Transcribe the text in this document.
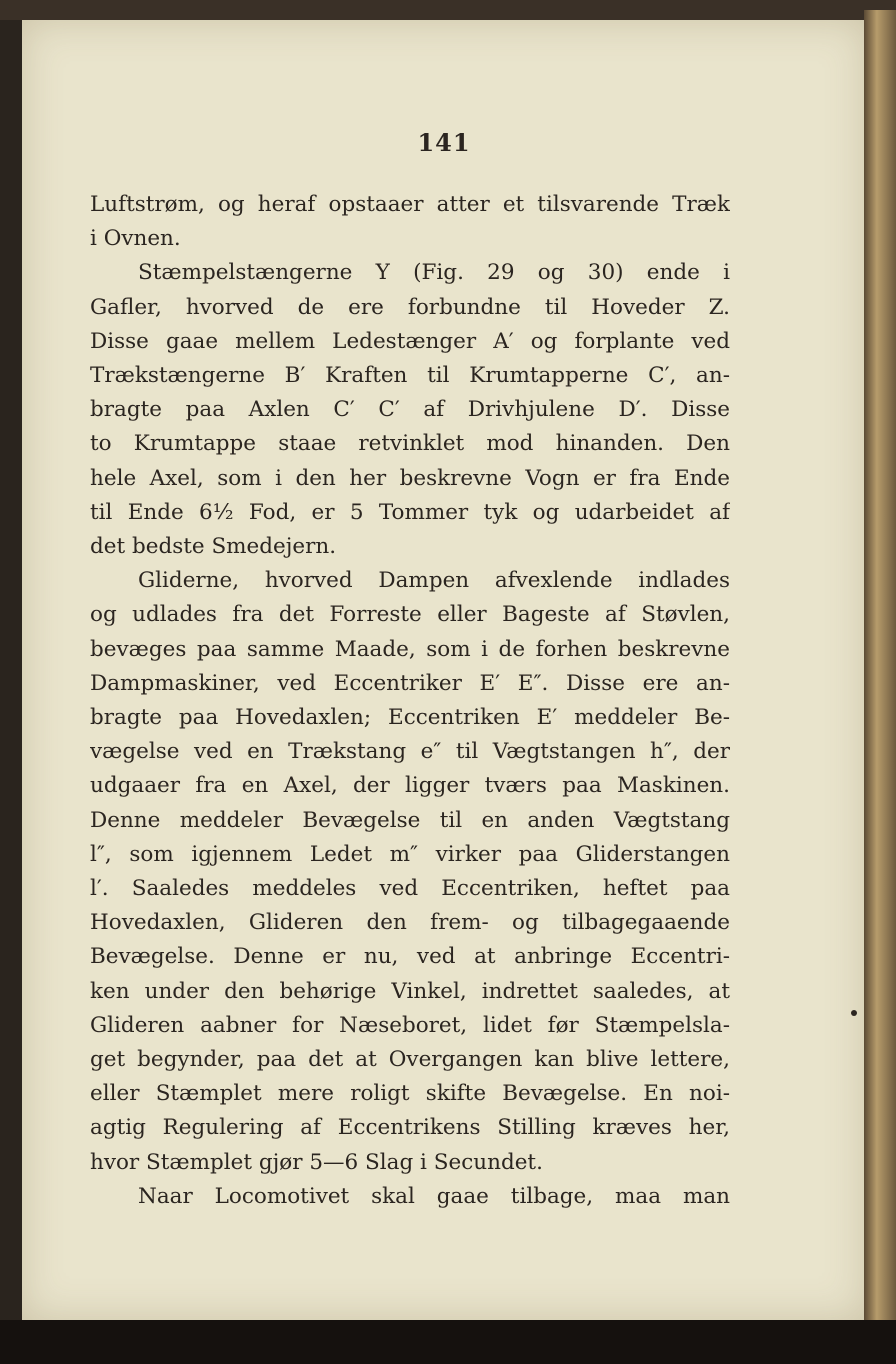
141
Luftstrøm, og heraf opstaaer atter et tilsvarende Træk
i Ovnen.
Stæmpelstængerne Y (Fig. 29 og 30) ende i
Gafler, hvorved de ere forbundne til Hoveder Z.
Disse gaae mellem Ledestænger A′ og forplante ved
Trækstængerne B′ Kraften til Krumtapperne C′, an-
bragte paa Axlen C′ C′ af Drivhjulene D′. Disse
to Krumtappe staae retvinklet mod hinanden. Den
hele Axel, som i den her beskrevne Vogn er fra Ende
til Ende 6½ Fod, er 5 Tommer tyk og udarbeidet af
det bedste Smedejern.
Gliderne, hvorved Dampen afvexlende indlades
og udlades fra det Forreste eller Bageste af Støvlen,
bevæges paa samme Maade, som i de forhen beskrevne
Dampmaskiner, ved Eccentriker E′ E″. Disse ere an-
bragte paa Hovedaxlen; Eccentriken E′ meddeler Be-
vægelse ved en Trækstang e″ til Vægtstangen h″, der
udgaaer fra en Axel, der ligger tværs paa Maskinen.
Denne meddeler Bevægelse til en anden Vægtstang
l″, som igjennem Ledet m″ virker paa Gliderstangen
l′. Saaledes meddeles ved Eccentriken, heftet paa
Hovedaxlen, Glideren den frem- og tilbagegaaende
Bevægelse. Denne er nu, ved at anbringe Eccentri-
ken under den behørige Vinkel, indrettet saaledes, at
Glideren aabner for Næseboret, lidet før Stæmpelsla-
get begynder, paa det at Overgangen kan blive lettere,
eller Stæmplet mere roligt skifte Bevægelse. En noi-
agtig Regulering af Eccentrikens Stilling kræves her,
hvor Stæmplet gjør 5—6 Slag i Secundet.
Naar Locomotivet skal gaae tilbage, maa man
